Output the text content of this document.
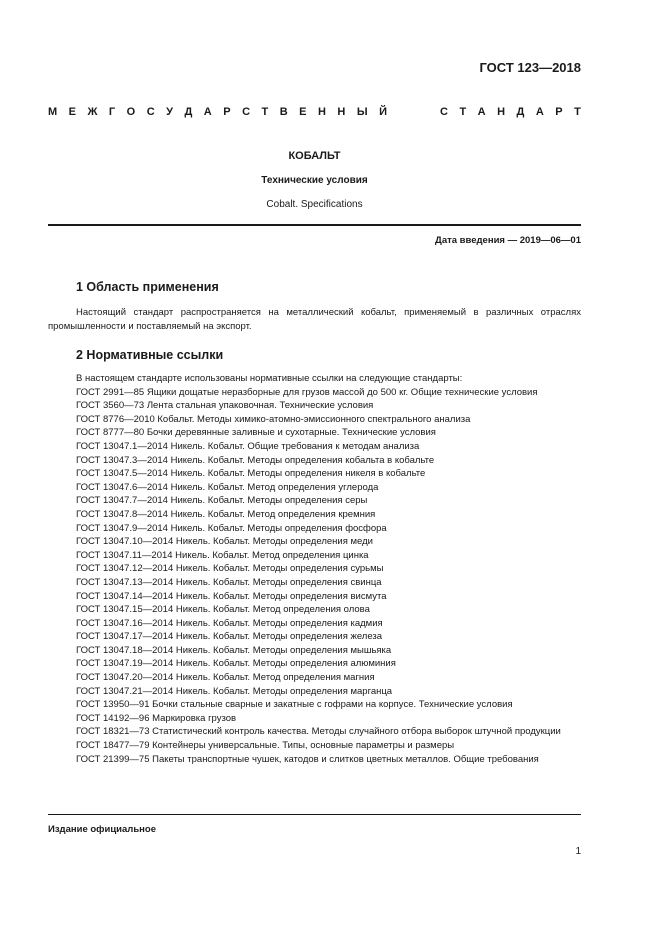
ГОСТ 123—2018
М Е Ж Г О С У Д А Р С Т В Е Н Н Ы Й	С Т А Н Д А Р Т
КОБАЛЬТ
Технические условия
Cobalt. Specifications
Дата введения — 2019—06—01
1 Область применения
Настоящий стандарт распространяется на металлический кобальт, применяемый в различных отраслях промышленности и поставляемый на экспорт.
2 Нормативные ссылки
В настоящем стандарте использованы нормативные ссылки на следующие стандарты:
ГОСТ 2991—85 Ящики дощатые неразборные для грузов массой до 500 кг. Общие технические условия
ГОСТ 3560—73 Лента стальная упаковочная. Технические условия
ГОСТ 8776—2010 Кобальт. Методы химико-атомно-эмиссионного спектрального анализа
ГОСТ 8777—80 Бочки деревянные заливные и сухотарные. Технические условия
ГОСТ 13047.1—2014 Никель. Кобальт. Общие требования к методам анализа
ГОСТ 13047.3—2014 Никель. Кобальт. Методы определения кобальта в кобальте
ГОСТ 13047.5—2014 Никель. Кобальт. Методы определения никеля в кобальте
ГОСТ 13047.6—2014 Никель. Кобальт. Метод определения углерода
ГОСТ 13047.7—2014 Никель. Кобальт. Методы определения серы
ГОСТ 13047.8—2014 Никель. Кобальт. Метод определения кремния
ГОСТ 13047.9—2014 Никель. Кобальт. Методы определения фосфора
ГОСТ 13047.10—2014 Никель. Кобальт. Методы определения меди
ГОСТ 13047.11—2014 Никель. Кобальт. Метод определения цинка
ГОСТ 13047.12—2014 Никель. Кобальт. Методы определения сурьмы
ГОСТ 13047.13—2014 Никель. Кобальт. Методы определения свинца
ГОСТ 13047.14—2014 Никель. Кобальт. Методы определения висмута
ГОСТ 13047.15—2014 Никель. Кобальт. Метод определения олова
ГОСТ 13047.16—2014 Никель. Кобальт. Методы определения кадмия
ГОСТ 13047.17—2014 Никель. Кобальт. Методы определения железа
ГОСТ 13047.18—2014 Никель. Кобальт. Методы определения мышьяка
ГОСТ 13047.19—2014 Никель. Кобальт. Методы определения алюминия
ГОСТ 13047.20—2014 Никель. Кобальт. Метод определения магния
ГОСТ 13047.21—2014 Никель. Кобальт. Методы определения марганца
ГОСТ 13950—91 Бочки стальные сварные и закатные с гофрами на корпусе. Технические условия
ГОСТ 14192—96 Маркировка грузов
ГОСТ 18321—73 Статистический контроль качества. Методы случайного отбора выборок штучной продукции
ГОСТ 18477—79 Контейнеры универсальные. Типы, основные параметры и размеры
ГОСТ 21399—75 Пакеты транспортные чушек, катодов и слитков цветных металлов. Общие требования
Издание официальное
1
